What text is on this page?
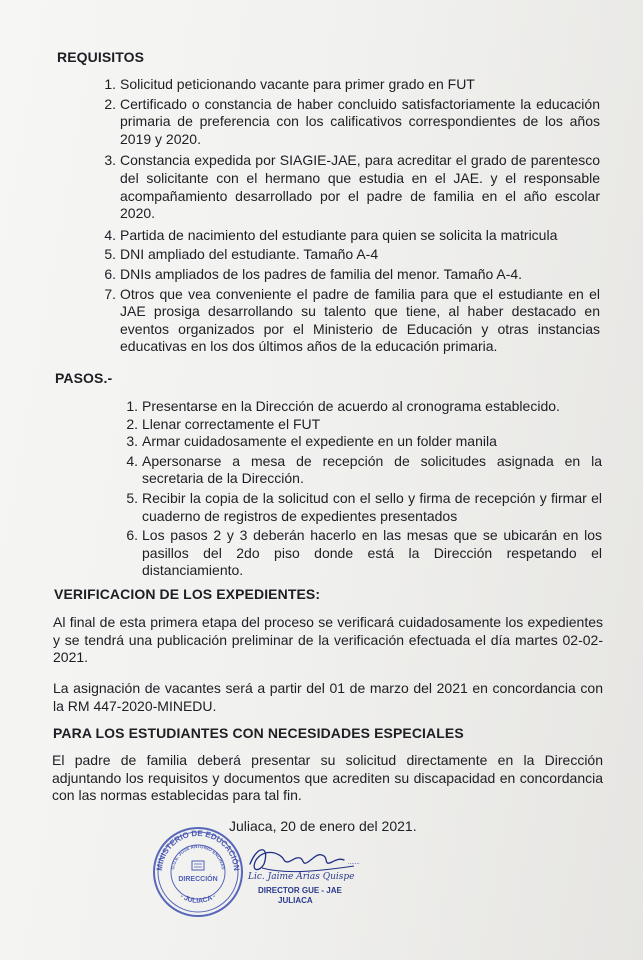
REQUISITOS
1. Solicitud peticionando vacante para primer grado en FUT
2. Certificado o constancia de haber concluido satisfactoriamente la educación primaria de preferencia con los calificativos correspondientes de los años 2019 y 2020.
3. Constancia expedida por SIAGIE-JAE, para acreditar el grado de parentesco del solicitante con el hermano que estudia en el JAE. y el responsable acompañamiento desarrollado por el padre de familia en el año escolar 2020.
4. Partida de nacimiento del estudiante para quien se solicita la matricula
5. DNI ampliado del estudiante. Tamaño A-4
6. DNIs ampliados de los padres de familia del menor. Tamaño A-4.
7. Otros que vea conveniente el padre de familia para que el estudiante en el JAE prosiga desarrollando su talento que tiene, al haber destacado en eventos organizados por el Ministerio de Educación y otras instancias educativas en los dos últimos años de la educación primaria.
PASOS.-
1. Presentarse en la Dirección de acuerdo al cronograma establecido.
2. Llenar correctamente el FUT
3. Armar cuidadosamente el expediente en un folder manila
4. Apersonarse a mesa de recepción de solicitudes asignada en la secretaria de la Dirección.
5. Recibir la copia de la solicitud con el sello y firma de recepción y firmar el cuaderno de registros de expedientes presentados
6. Los pasos 2 y 3 deberán hacerlo en las mesas que se ubicarán en los pasillos del 2do piso donde está la Dirección respetando el distanciamiento.
VERIFICACION DE LOS EXPEDIENTES:

Al final de esta primera etapa del proceso se verificará cuidadosamente los expedientes y se tendrá una publicación preliminar de la verificación efectuada el día martes 02-02-2021.

La asignación de vacantes será a partir del 01 de marzo del 2021 en concordancia con la RM 447-2020-MINEDU.

PARA LOS ESTUDIANTES CON NECESIDADES ESPECIALES

El padre de familia deberá presentar su solicitud directamente en la Dirección adjuntando los requisitos y documentos que acrediten su discapacidad en concordancia con las normas establecidas para tal fin.

Juliaca, 20 de enero del 2021.
MINISTERIO DE EDUCACIÓN
G.U.E. JOSÉ ANTONIO ENCINAS
DIRECCIÓN
- JULIACA -
.......
Lic. Jaime Arias Quispe
DIRECTOR GUE - JAE
JULIACA
